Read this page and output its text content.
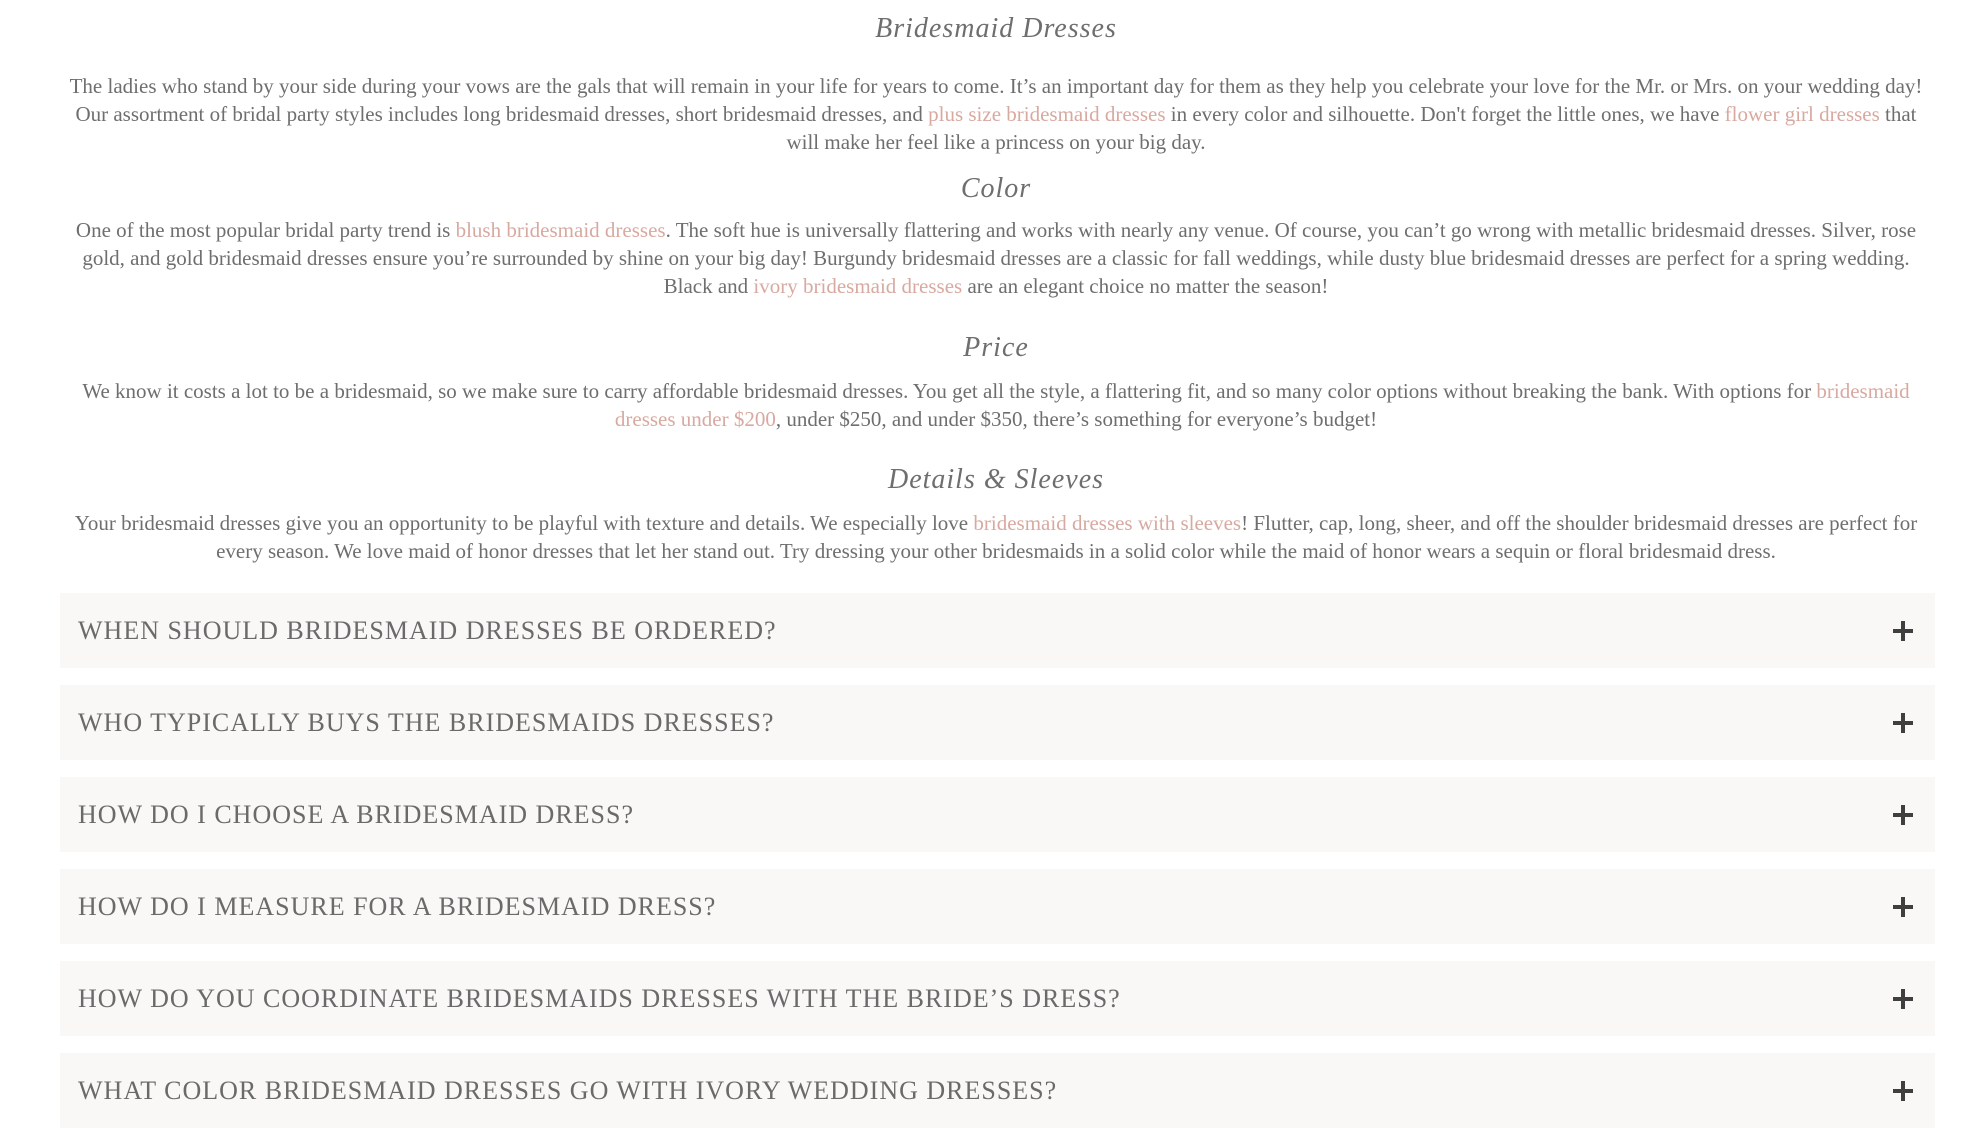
Bridesmaid Dresses

The ladies who stand by your side during your vows are the gals that will remain in your life for years to come. It’s an important day for them as they help you celebrate your love for the Mr. or Mrs. on your wedding day! Our assortment of bridal party styles includes long bridesmaid dresses, short bridesmaid dresses, and plus size bridesmaid dresses in every color and silhouette. Don't forget the little ones, we have flower girl dresses that will make her feel like a princess on your big day.

Color

One of the most popular bridal party trend is blush bridesmaid dresses. The soft hue is universally flattering and works with nearly any venue. Of course, you can’t go wrong with metallic bridesmaid dresses. Silver, rose gold, and gold bridesmaid dresses ensure you’re surrounded by shine on your big day! Burgundy bridesmaid dresses are a classic for fall weddings, while dusty blue bridesmaid dresses are perfect for a spring wedding. Black and ivory bridesmaid dresses are an elegant choice no matter the season!

Price

We know it costs a lot to be a bridesmaid, so we make sure to carry affordable bridesmaid dresses. You get all the style, a flattering fit, and so many color options without breaking the bank. With options for bridesmaid dresses under $200, under $250, and under $350, there’s something for everyone’s budget!

Details & Sleeves

Your bridesmaid dresses give you an opportunity to be playful with texture and details. We especially love bridesmaid dresses with sleeves! Flutter, cap, long, sheer, and off the shoulder bridesmaid dresses are perfect for every season. We love maid of honor dresses that let her stand out. Try dressing your other bridesmaids in a solid color while the maid of honor wears a sequin or floral bridesmaid dress.

WHEN SHOULD BRIDESMAID DRESSES BE ORDERED?
WHO TYPICALLY BUYS THE BRIDESMAIDS DRESSES?
HOW DO I CHOOSE A BRIDESMAID DRESS?
HOW DO I MEASURE FOR A BRIDESMAID DRESS?
HOW DO YOU COORDINATE BRIDESMAIDS DRESSES WITH THE BRIDE’S DRESS?
WHAT COLOR BRIDESMAID DRESSES GO WITH IVORY WEDDING DRESSES?
